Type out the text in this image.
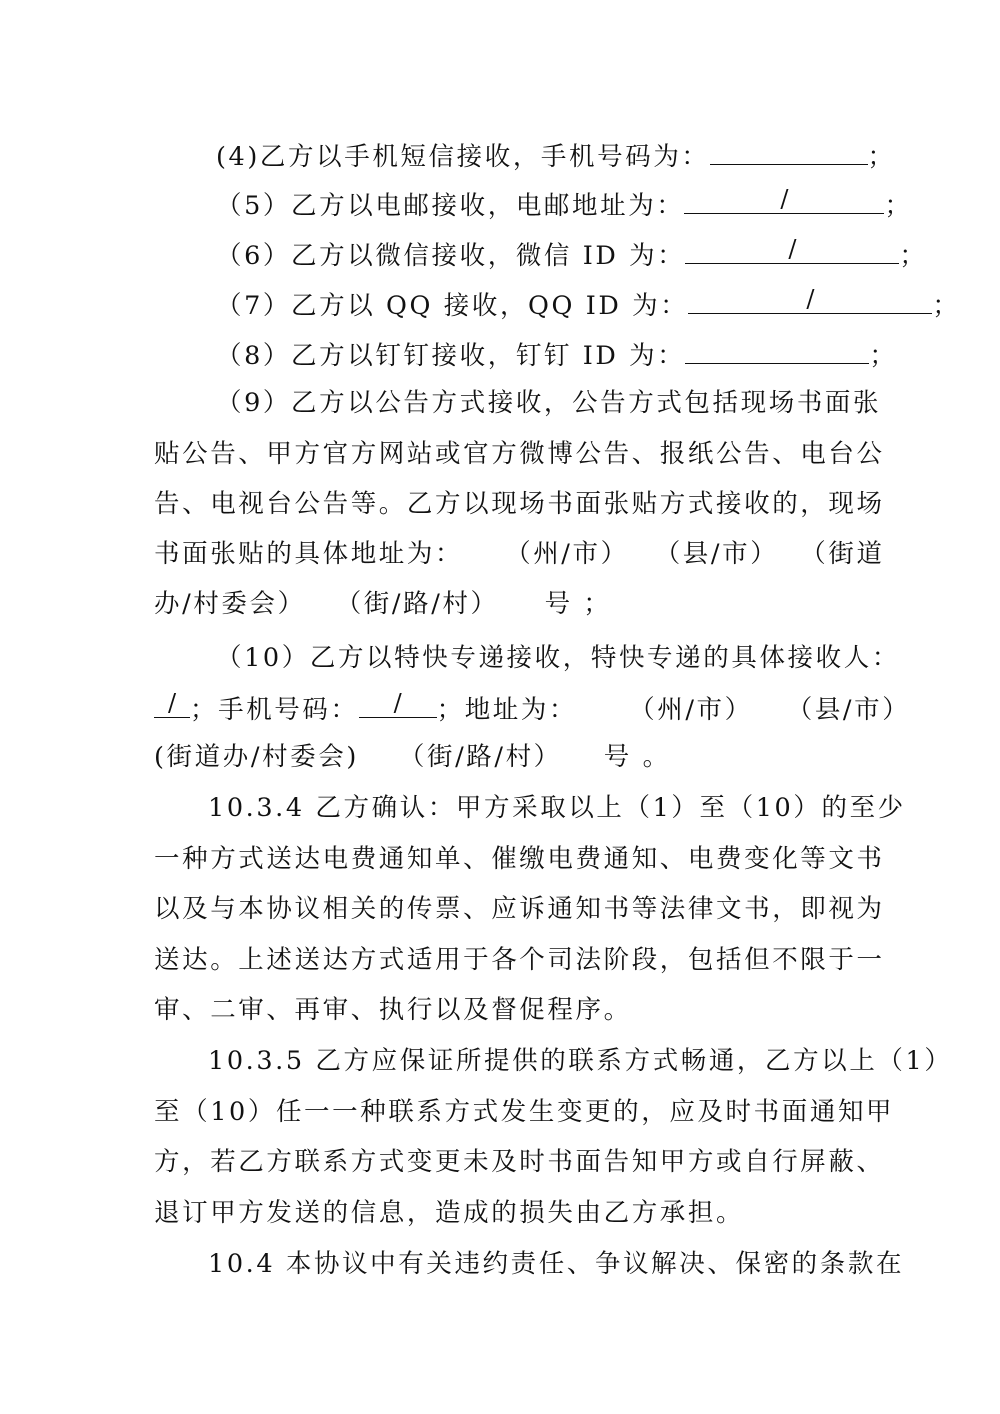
(4)乙方以手机短信接收，手机号码为：	；
（5）乙方以电邮接收，电邮地址为：	/	；
（6）乙方以微信接收，微信 ID 为：	/	；
（7）乙方以 QQ 接收，QQ ID 为：	/	；
（8）乙方以钉钉接收，钉钉 ID 为：	；
（9）乙方以公告方式接收，公告方式包括现场书面张
贴公告、甲方官方网站或官方微博公告、报纸公告、电台公
告、电视台公告等。乙方以现场书面张贴方式接收的，现场
书面张贴的具体地址为： （州/市） （县/市） （街道
办/村委会） （街/路/村） 号 ；
（10）乙方以特快专递接收，特快专递的具体接收人：
/ ；手机号码： / ；地址为： （州/市） （县/市）
(街道办/村委会) （街/路/村） 号 。
10.3.4 乙方确认：甲方采取以上（1）至（10）的至少
一种方式送达电费通知单、催缴电费通知、电费变化等文书
以及与本协议相关的传票、应诉通知书等法律文书，即视为
送达。上述送达方式适用于各个司法阶段，包括但不限于一
审、二审、再审、执行以及督促程序。
10.3.5 乙方应保证所提供的联系方式畅通，乙方以上（1）
至（10）任一一种联系方式发生变更的，应及时书面通知甲
方，若乙方联系方式变更未及时书面告知甲方或自行屏蔽、
退订甲方发送的信息，造成的损失由乙方承担。
10.4 本协议中有关违约责任、争议解决、保密的条款在
